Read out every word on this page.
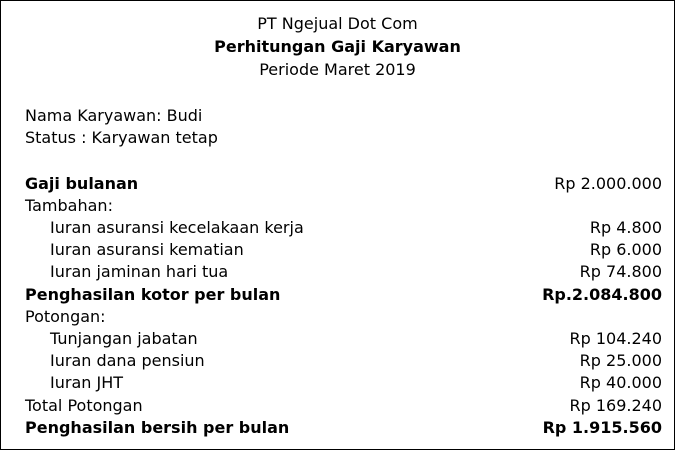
PT Ngejual Dot Com
Perhitungan Gaji Karyawan
Periode Maret 2019
Nama Karyawan: Budi
Status : Karyawan tetap
Gaji bulanan	Rp 2.000.000
Tambahan:
Iuran asuransi kecelakaan kerja	Rp 4.800
Iuran asuransi kematian	Rp 6.000
Iuran jaminan hari tua	Rp 74.800
Penghasilan kotor per bulan	Rp.2.084.800
Potongan:
Tunjangan jabatan	Rp 104.240
Iuran dana pensiun	Rp 25.000
Iuran JHT	Rp 40.000
Total Potongan	Rp 169.240
Penghasilan bersih per bulan	Rp 1.915.560
